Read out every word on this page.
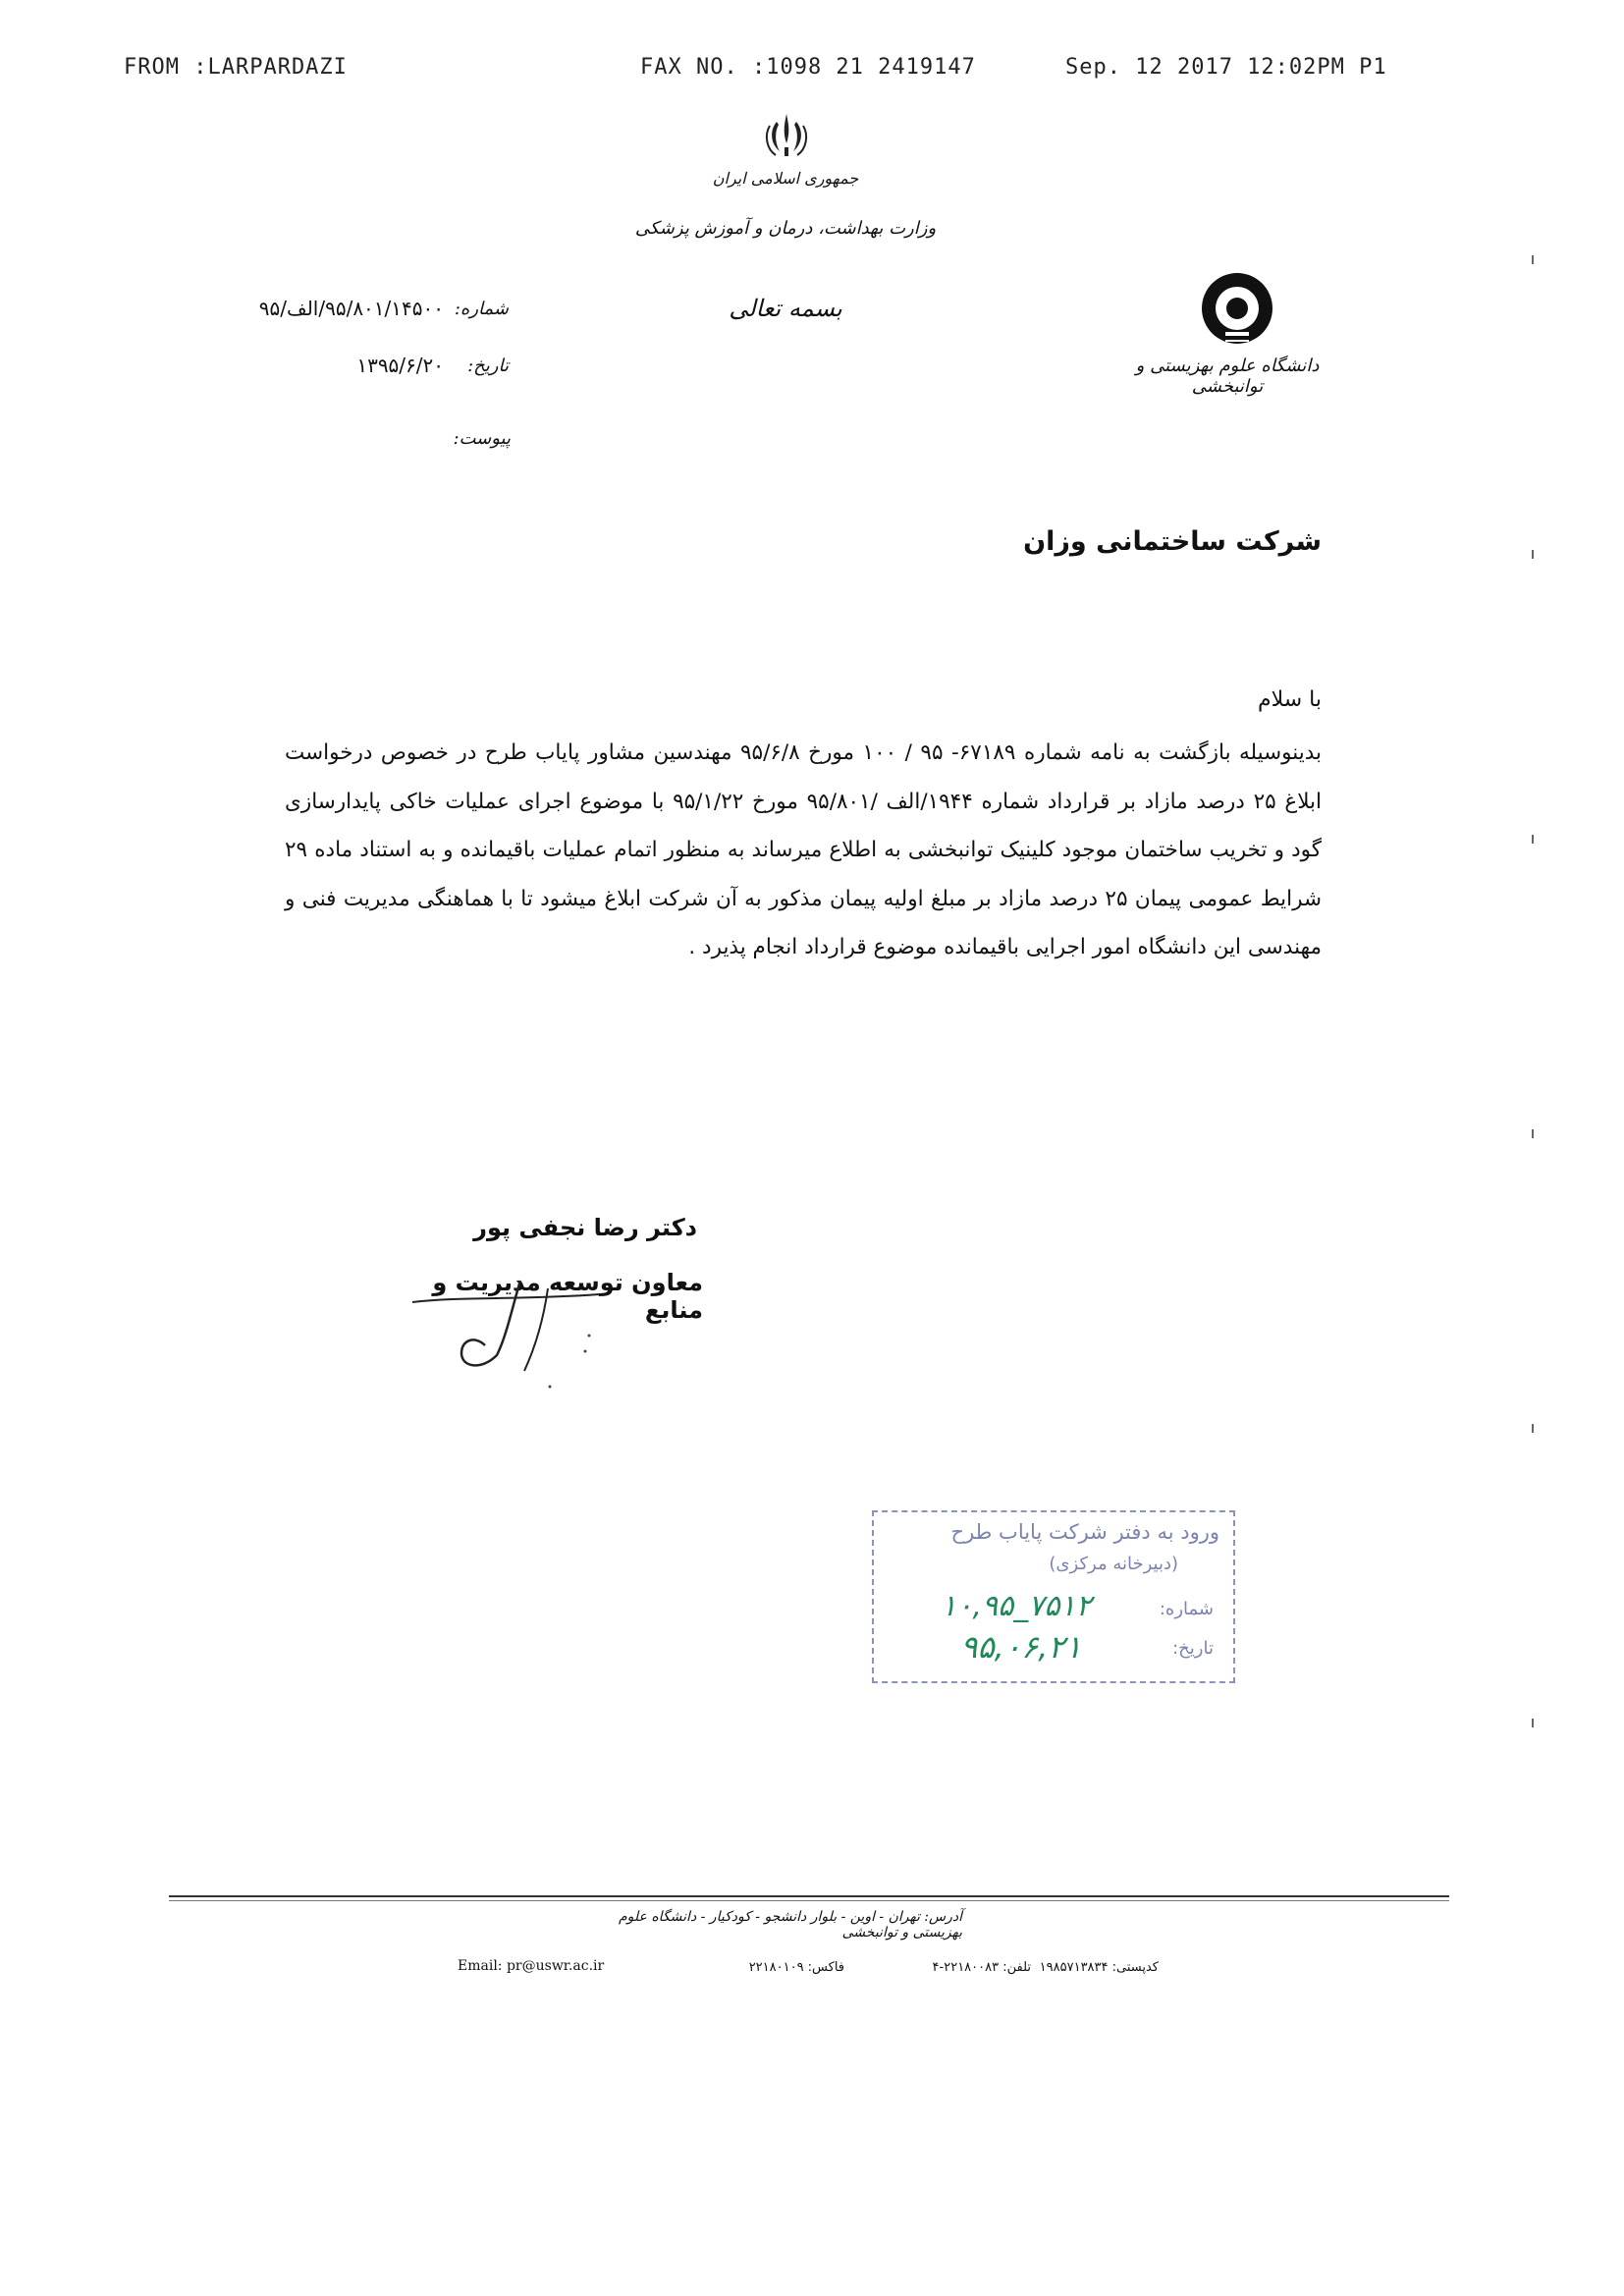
FROM :LARPARDAZI	FAX NO. :1098 21 2419147	Sep. 12 2017 12:02PM P1
جمهوری اسلامی ایران
وزارت بهداشت، درمان و آموزش پزشکی
بسمه تعالی
دانشگاه علوم بهزیستی و توانبخشی
شماره:
۹۵/۸۰۱/۱۴۵۰۰/الف/۹۵
تاریخ:
۱۳۹۵/۶/۲۰
پیوست:
شرکت ساختمانی وزان
با سلام
بدینوسیله بازگشت به نامه شماره ۶۷۱۸۹- ۹۵ / ۱۰۰ مورخ ۹۵/۶/۸ مهندسین مشاور پایاب طرح در خصوص درخواست ابلاغ ۲۵ درصد مازاد بر قرارداد شماره ۱۹۴۴/الف /۹۵/۸۰۱ مورخ ۹۵/۱/۲۲ با موضوع اجرای عملیات خاکی پایدارسازی گود و تخریب ساختمان موجود کلینیک توانبخشی به اطلاع میرساند به منظور اتمام عملیات باقیمانده و به استناد ماده ۲۹ شرایط عمومی پیمان ۲۵ درصد مازاد بر مبلغ اولیه پیمان مذکور به آن شرکت ابلاغ میشود تا با هماهنگی مدیریت فنی و مهندسی این دانشگاه امور اجرایی باقیمانده موضوع قرارداد انجام پذیرد .
دکتر رضا نجفی پور
معاون توسعه مدیریت و منابع
ورود به دفتر شرکت پایاب طرح
(دبیرخانه مرکزی)
شماره:
۱۰,۹۵_۷۵۱۲
تاریخ:
۹۵,۰۶,۲۱
آدرس: تهران - اوین - بلوار دانشجو - کودکیار - دانشگاه علوم بهزیستی و توانبخشی
Email: pr@uswr.ac.ir	فاکس: ۲۲۱۸۰۱۰۹	تلفن: ۲۲۱۸۰۰۸۳-۴ کدپستی: ۱۹۸۵۷۱۳۸۳۴
